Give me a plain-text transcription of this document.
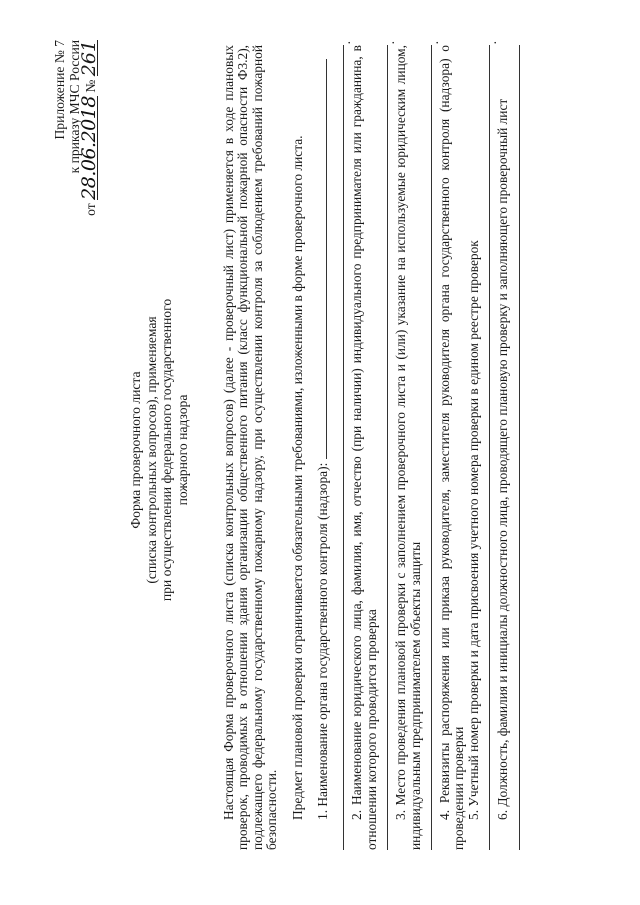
Приложение № 7 к приказу МЧС России
от 28.06.2018 № 261
Форма проверочного листа (списка контрольных вопросов), применяемая при осуществлении федерального государственного пожарного надзора Настоящая Форма проверочного листа (списка контрольных вопросов) (далее - проверочный лист) применяется в ходе плановых проверок, проводимых в отношении здания организации общественного питания (класс функциональной пожарной опасности Ф3.2), подлежащего федеральному государственному пожарному надзору, при осуществлении контроля за соблюдением требований пожарной безопасности. Предмет плановой проверки ограничивается обязательными требованиями, изложенными в форме проверочного листа. 1. Наименование органа государственного контроля (надзора):

.

2. Наименование юридического лица, фамилия, имя, отчество (при наличии) индивидуального предпринимателя или гражданина, в отношении которого проводится проверка

.

3. Место проведения плановой проверки с заполнением проверочного листа и (или) указание на используемые юридическим лицом, индивидуальным предпринимателем объекты защиты

.

4. Реквизиты распоряжения или приказа руководителя, заместителя руководителя органа государственного контроля (надзора) о проведении проверки 5. Учетный номер проверки и дата присвоения учетного номера проверки в едином реестре проверок

.

6. Должность, фамилия и инициалы должностного лица, проводящего плановую проверку и заполняющего проверочный лист
